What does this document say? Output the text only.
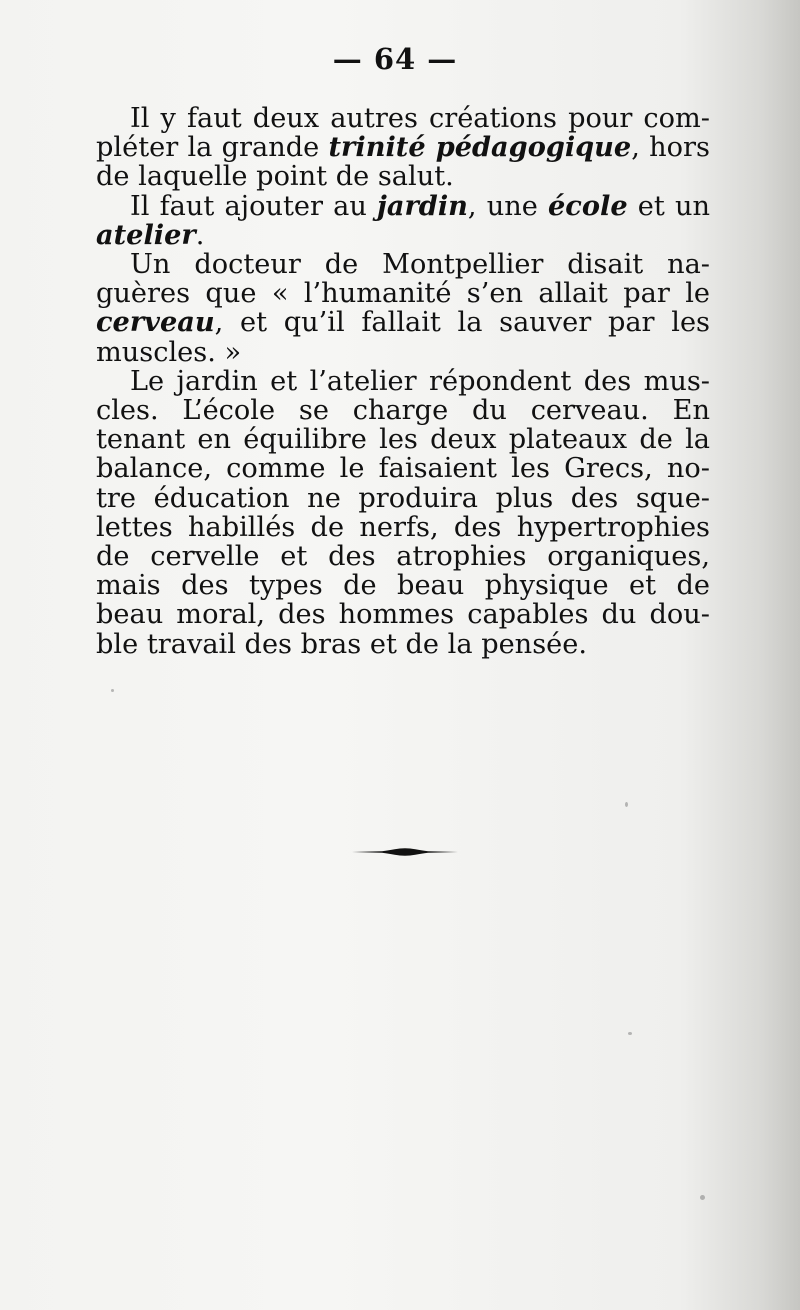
— 64 —
Il y faut deux autres créations pour com-
pléter la grande trinité pédagogique, hors
de laquelle point de salut.
Il faut ajouter au jardin, une école et un
atelier.
Un docteur de Montpellier disait na-
guères que « l’humanité s’en allait par le
cerveau, et qu’il fallait la sauver par les
muscles. »
Le jardin et l’atelier répondent des mus-
cles. L’école se charge du cerveau. En
tenant en équilibre les deux plateaux de la
balance, comme le faisaient les Grecs, no-
tre éducation ne produira plus des sque-
lettes habillés de nerfs, des hypertrophies
de cervelle et des atrophies organiques,
mais des types de beau physique et de
beau moral, des hommes capables du dou-
ble travail des bras et de la pensée.
